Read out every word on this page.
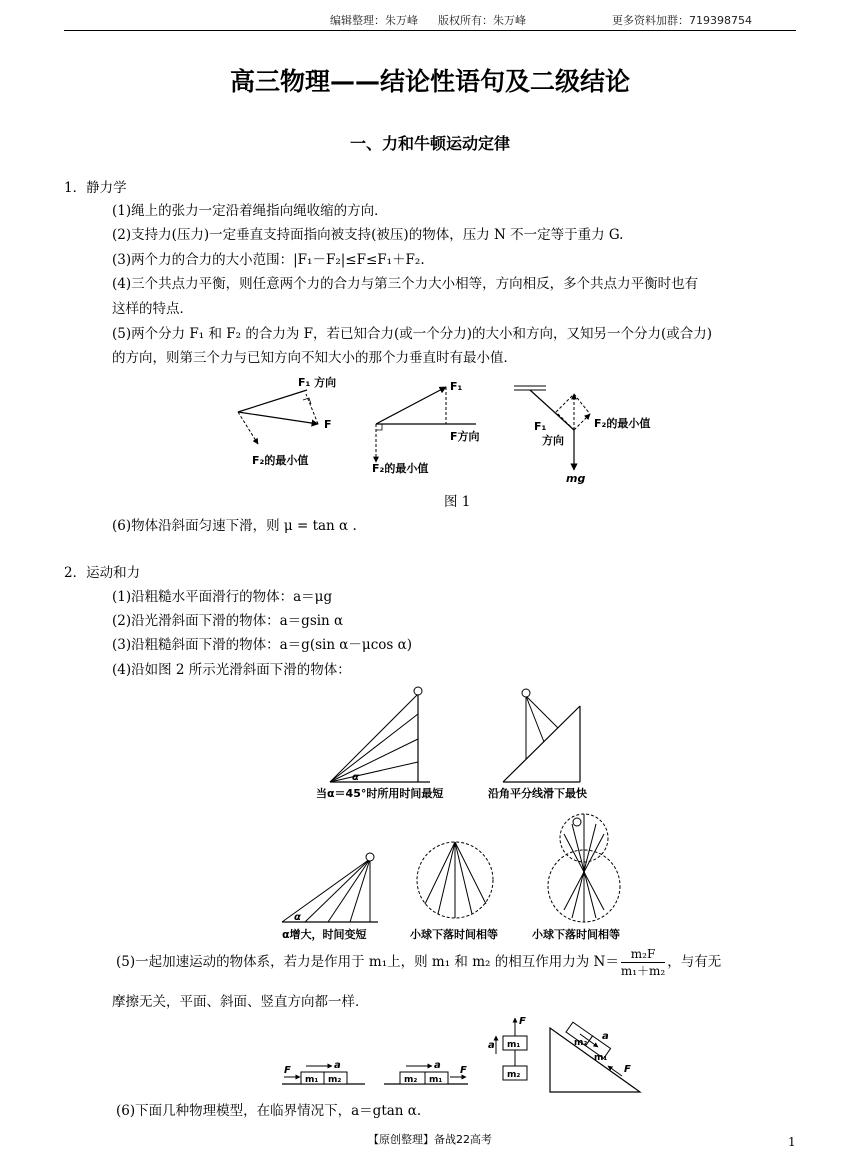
编辑整理：朱万峰 版权所有：朱万峰	更多资料加群：719398754
高三物理——结论性语句及二级结论
一、力和牛顿运动定律
1．静力学
(1)绳上的张力一定沿着绳指向绳收缩的方向．
(2)支持力(压力)一定垂直支持面指向被支持(被压)的物体，压力 N 不一定等于重力 G.
(3)两个力的合力的大小范围：|F₁－F₂|≤F≤F₁＋F₂.
(4)三个共点力平衡，则任意两个力的合力与第三个力大小相等，方向相反，多个共点力平衡时也有
这样的特点．
(5)两个分力 F₁ 和 F₂ 的合力为 F，若已知合力(或一个分力)的大小和方向，又知另一个分力(或合力)
的方向，则第三个力与已知方向不知大小的那个力垂直时有最小值．
F₁ 方向
F
F₂的最小值
F₁
F方向
F₂的最小值
F₁
方向
F₂的最小值
mg
图 1
(6)物体沿斜面匀速下滑，则 μ = tan α .
2．运动和力
(1)沿粗糙水平面滑行的物体：a＝μg
(2)沿光滑斜面下滑的物体：a＝gsin α
(3)沿粗糙斜面下滑的物体：a＝g(sin α－μcos α)
(4)沿如图 2 所示光滑斜面下滑的物体：
α
α
当α＝45°时所用时间最短	沿角平分线滑下最快
α增大，时间变短	小球下落时间相等	小球下落时间相等
(5)一起加速运动的物体系，若力是作用于 m₁上，则 m₁ 和 m₂ 的相互作用力为 $N= \frac{\text{m₂F}}{\text{m₁＋m₂}}$ ，与有无
摩擦无关，平面、斜面、竖直方向都一样．
m₁ m₂
F	a
m₂ m₁
F
a
F
a m₁
m₂
m₂
m₁
a
F
(6)下面几种物理模型，在临界情况下，a＝gtan α.
【原创整理】备战22高考	1
